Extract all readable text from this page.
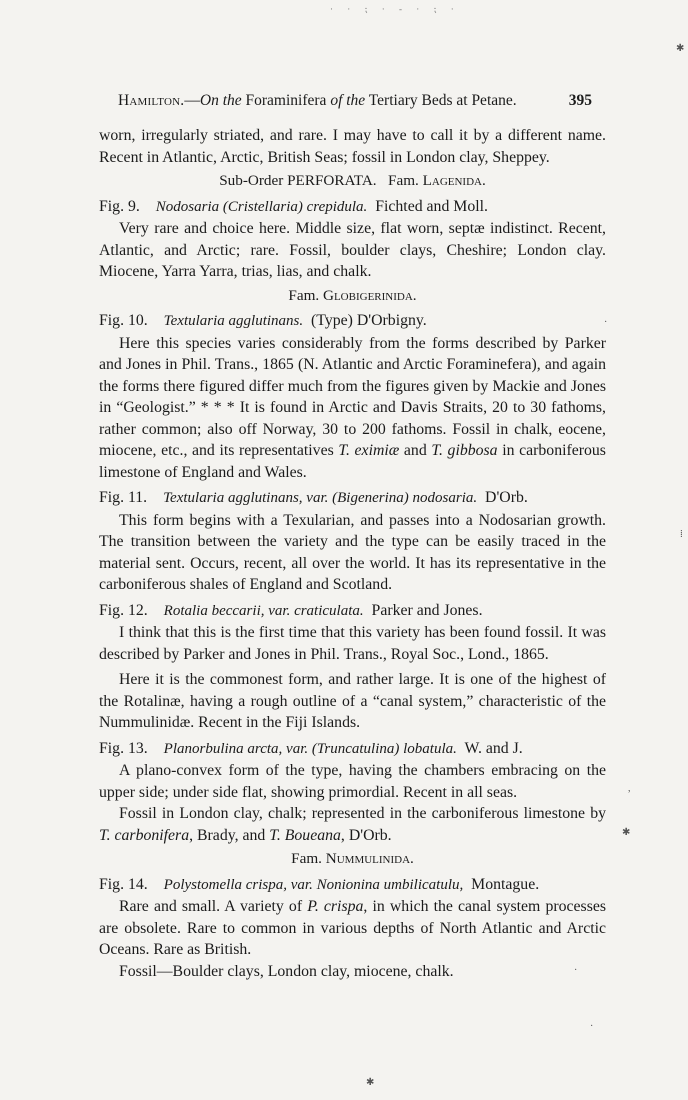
· · ⁏ · - · ⁏ ·
Hamilton.—On the Foraminifera of the Tertiary Beds at Petane.	395

worn, irregularly striated, and rare. I may have to call it by a different name. Recent in Atlantic, Arctic, British Seas; fossil in London clay, Sheppey.

Sub-Order PERFORATA. Fam. Lagenida.
Fig. 9. Nodosaria (Cristellaria) crepidula. Fichted and Moll.

Very rare and choice here. Middle size, flat worn, septæ indistinct. Recent, Atlantic, and Arctic; rare. Fossil, boulder clays, Cheshire; London clay. Miocene, Yarra Yarra, trias, lias, and chalk.

Fam. Globigerinida.
Fig. 10. Textularia agglutinans. (Type) D'Orbigny.

Here this species varies considerably from the forms described by Parker and Jones in Phil. Trans., 1865 (N. Atlantic and Arctic Foraminefera), and again the forms there figured differ much from the figures given by Mackie and Jones in “Geologist.” * * * It is found in Arctic and Davis Straits, 20 to 30 fathoms, rather common; also off Norway, 30 to 200 fathoms. Fossil in chalk, eocene, miocene, etc., and its representatives T. eximiæ and T. gibbosa in carboniferous limestone of England and Wales.

Fig. 11. Textularia agglutinans, var. (Bigenerina) nodosaria. D'Orb.

This form begins with a Texularian, and passes into a Nodosarian growth. The transition between the variety and the type can be easily traced in the material sent. Occurs, recent, all over the world. It has its representative in the carboniferous shales of England and Scotland.

Fig. 12. Rotalia beccarii, var. craticulata. Parker and Jones.

I think that this is the first time that this variety has been found fossil. It was described by Parker and Jones in Phil. Trans., Royal Soc., Lond., 1865.

Here it is the commonest form, and rather large. It is one of the highest of the Rotalinæ, having a rough outline of a “canal system,” characteristic of the Nummulinidæ. Recent in the Fiji Islands.

Fig. 13. Planorbulina arcta, var. (Truncatulina) lobatula. W. and J.

A plano-convex form of the type, having the chambers embracing on the upper side; under side flat, showing primordial. Recent in all seas.

Fossil in London clay, chalk; represented in the carboniferous limestone by T. carbonifera, Brady, and T. Boueana, D'Orb.

Fam. Nummulinida.
Fig. 14. Polystomella crispa, var. Nonionina umbilicatulu, Montague.

Rare and small. A variety of P. crispa, in which the canal system processes are obsolete. Rare to common in various depths of North Atlantic and Arctic Oceans. Rare as British.

Fossil—Boulder clays, London clay, miocene, chalk.

✱
·
⁞
,
✱
·
·
✱
